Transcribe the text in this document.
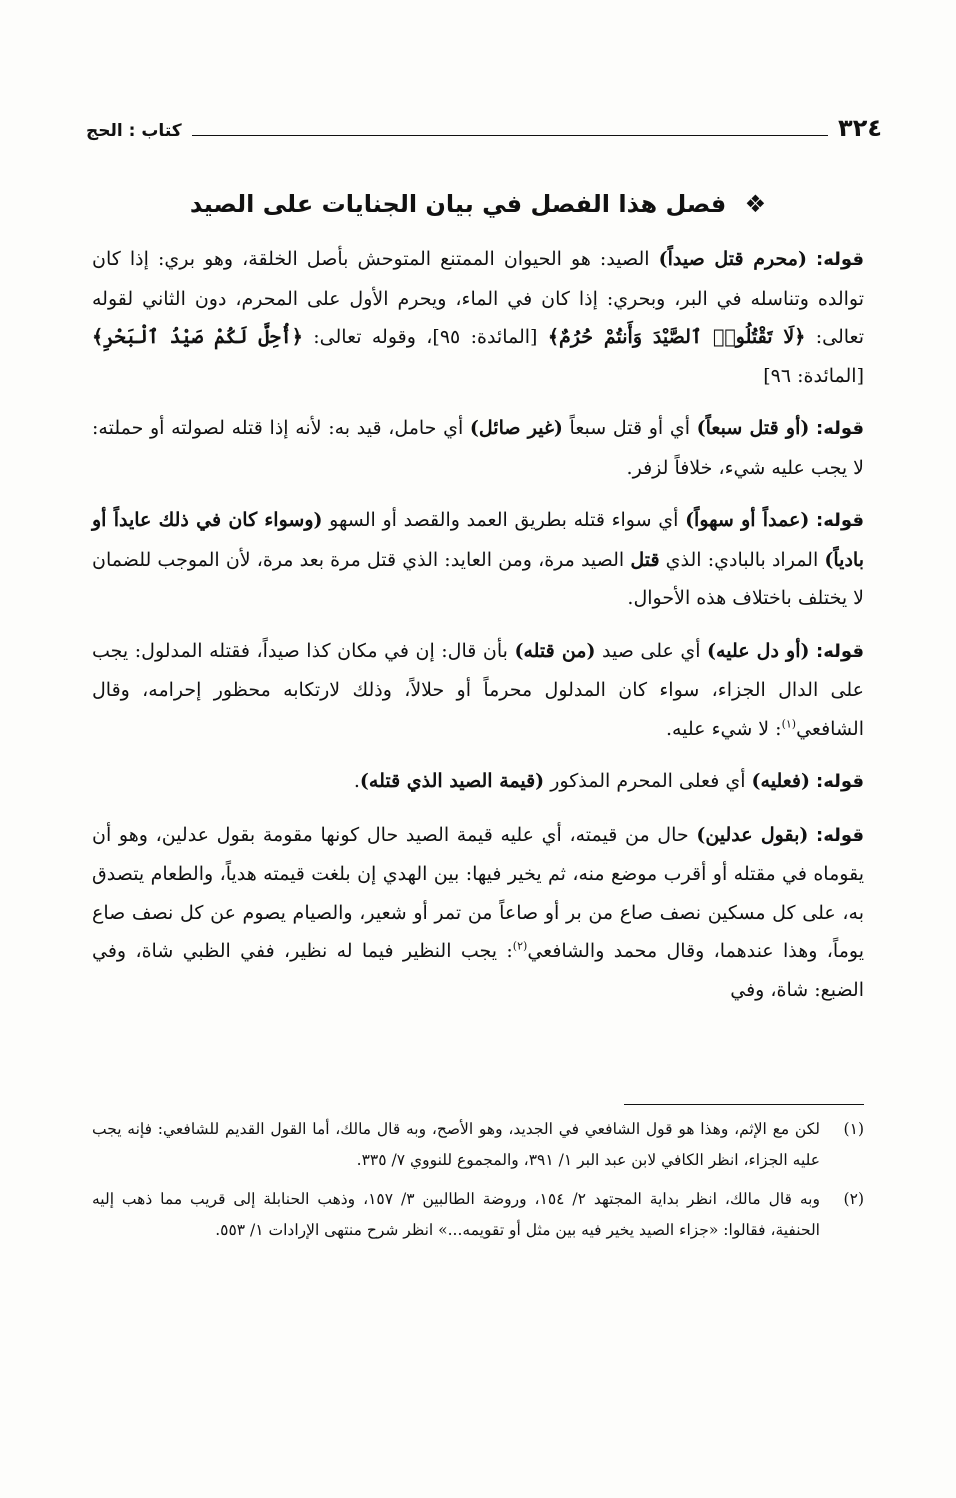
٣٢٤
كتاب : الحج
❖ فصل هذا الفصل في بيان الجنايات على الصيد

قوله: (محرم قتل صيداً) الصيد: هو الحيوان الممتنع المتوحش بأصل الخلقة، وهو بري: إذا كان توالده وتناسله في البر، وبحري: إذا كان في الماء، ويحرم الأول على المحرم، دون الثاني لقوله تعالى: ﴿لَا تَقْتُلُوا۟ ٱلصَّيْدَ وَأَنتُمْ حُرُمٌ﴾ [المائدة: ٩٥]، وقوله تعالى: ﴿أُحِلَّ لَكُمْ صَيْدُ ٱلْبَحْرِ﴾ [المائدة: ٩٦]

قوله: (أو قتل سبعاً) أي أو قتل سبعاً (غير صائل) أي حامل، قيد به: لأنه إذا قتله لصولته أو حملته: لا يجب عليه شيء، خلافاً لزفر.

قوله: (عمداً أو سهواً) أي سواء قتله بطريق العمد والقصد أو السهو (وسواء كان في ذلك عايداً أو بادياً) المراد بالبادي: الذي قتل الصيد مرة، ومن العايد: الذي قتل مرة بعد مرة، لأن الموجب للضمان لا يختلف باختلاف هذه الأحوال.

قوله: (أو دل عليه) أي على صيد (من قتله) بأن قال: إن في مكان كذا صيداً، فقتله المدلول: يجب على الدال الجزاء، سواء كان المدلول محرماً أو حلالاً، وذلك لارتكابه محظور إحرامه، وقال الشافعي$^{(١)}$: لا شيء عليه.

قوله: (فعليه) أي فعلى المحرم المذكور (قيمة الصيد الذي قتله).

قوله: (بقول عدلين) حال من قيمته، أي عليه قيمة الصيد حال كونها مقومة بقول عدلين، وهو أن يقوماه في مقتله أو أقرب موضع منه، ثم يخير فيها: بين الهدي إن بلغت قيمته هدياً، والطعام يتصدق به، على كل مسكين نصف صاع من بر أو صاعاً من تمر أو شعير، والصيام يصوم عن كل نصف صاع يوماً، وهذا عندهما، وقال محمد والشافعي$^{(٢)}$: يجب النظير فيما له نظير، ففي الظبي شاة، وفي الضبع: شاة، وفي

(١)
لكن مع الإثم، وهذا هو قول الشافعي في الجديد، وهو الأصح، وبه قال مالك، أما القول القديم للشافعي: فإنه يجب عليه الجزاء، انظر الكافي لابن عبد البر ١/ ٣٩١، والمجموع للنووي ٧/ ٣٣٥.
(٢)
وبه قال مالك، انظر بداية المجتهد ٢/ ١٥٤، وروضة الطالبين ٣/ ١٥٧، وذهب الحنابلة إلى قريب مما ذهب إليه الحنفية، فقالوا: «جزاء الصيد يخير فيه بين مثل أو تقويمه...» انظر شرح منتهى الإرادات ١/ ٥٥٣.
